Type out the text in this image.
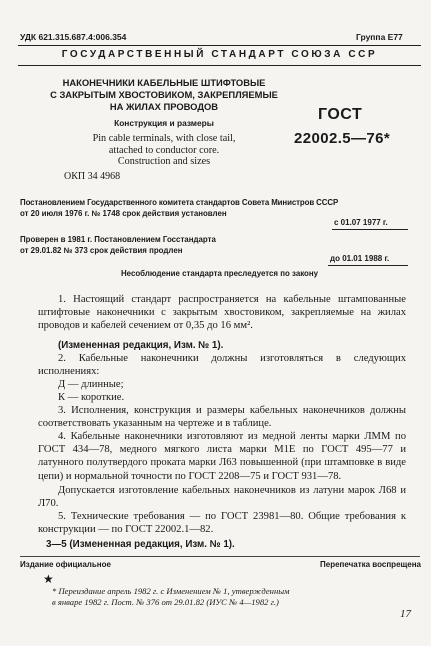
УДК 621.315.687.4:006.354	Группа Е77
ГОСУДАРСТВЕННЫЙ СТАНДАРТ СОЮЗА ССР
НАКОНЕЧНИКИ КАБЕЛЬНЫЕ ШТИФТОВЫЕ
С ЗАКРЫТЫМ ХВОСТОВИКОМ, ЗАКРЕПЛЯЕМЫЕ
НА ЖИЛАХ ПРОВОДОВ
Конструкция и размеры
Pin cable terminals, with close tail,
attached to conductor core.
Construction and sizes
ГОСТ
22002.5—76*
ОКП 34 4968
Постановлением Государственного комитета стандартов Совета Министров СССР
от 20 июля 1976 г. № 1748 срок действия установлен
с 01.07 1977 г.
Проверен в 1981 г. Постановлением Госстандарта
от 29.01.82 № 373 срок действия продлен
до 01.01 1988 г.
Несоблюдение стандарта преследуется по закону

1. Настоящий стандарт распространяется на кабельные штампованные штифтовые наконечники с закрытым хвостовиком, закрепляемые на жилах проводов и кабелей сечением от 0,35 до 16 мм².

(Измененная редакция, Изм. № 1).

2. Кабельные наконечники должны изготовляться в следующих исполнениях:

Д — длинные;

К — короткие.

3. Исполнения, конструкция и размеры кабельных наконечников должны соответствовать указанным на чертеже и в таблице.

4. Кабельные наконечники изготовляют из медной ленты марки ЛММ по ГОСТ 434—78, медного мягкого листа марки М1Е по ГОСТ 495—77 и латунного полутвердого проката марки Л63 повышенной (при штамповке в виде цепи) и нормальной точности по ГОСТ 2208—75 и ГОСТ 931—78.

Допускается изготовление кабельных наконечников из латуни марок Л68 и Л70.

5. Технические требования — по ГОСТ 23981—80. Общие требования к конструкции — по ГОСТ 22002.1—82.

3—5 (Измененная редакция, Изм. № 1).

Издание официальное	Перепечатка воспрещена
★
* Переиздание апрель 1982 г. с Изменением № 1, утвержденным
в январе 1982 г. Пост. № 376 от 29.01.82 (ИУС № 4—1982 г.)
17
